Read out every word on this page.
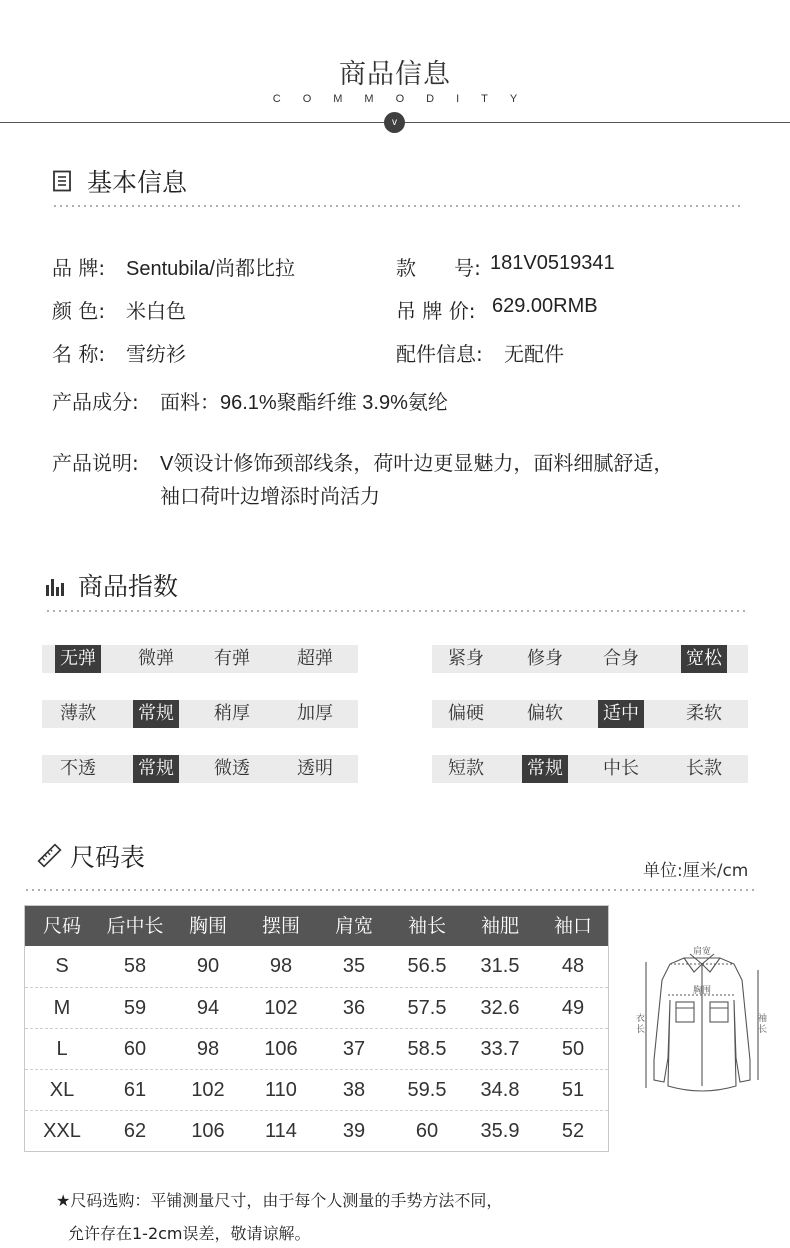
商品信息
COMMODITY
v
基本信息
品 牌: Sentubila/尚都比拉	款      号: 181V0519341
颜 色: 米白色	吊 牌 价: 629.00RMB
名 称: 雪纺衫	配件信息: 无配件
产品成分: 面料：96.1%聚酯纤维 3.9%氨纶
产品说明: V领设计修饰颈部线条，荷叶边更显魅力，面料细腻舒适，
袖口荷叶边增添时尚活力
商品指数
无弹 微弹 有弹	超弹	紧身 修身 合身	宽松
薄款 常规 稍厚	加厚	偏硬 偏软 适中	柔软
不透 常规 微透	透明	短款 常规 中长	长款
尺码表	单位:厘米/cm
尺码	后中长	胸围	摆围	肩宽	袖长	袖肥	袖口
S	58	90	98	35	56.5	31.5	48
M	59	94	102	36	57.5	32.6	49
L	60	98	106	37	58.5	33.7	50
XL	61	102	110	38	59.5	34.8	51
XXL	62	106	114	39	60	35.9	52
肩宽
胸围
衣长
袖长
★尺码选购：平铺测量尺寸，由于每个人测量的手势方法不同，
允许存在1-2cm误差，敬请谅解。
